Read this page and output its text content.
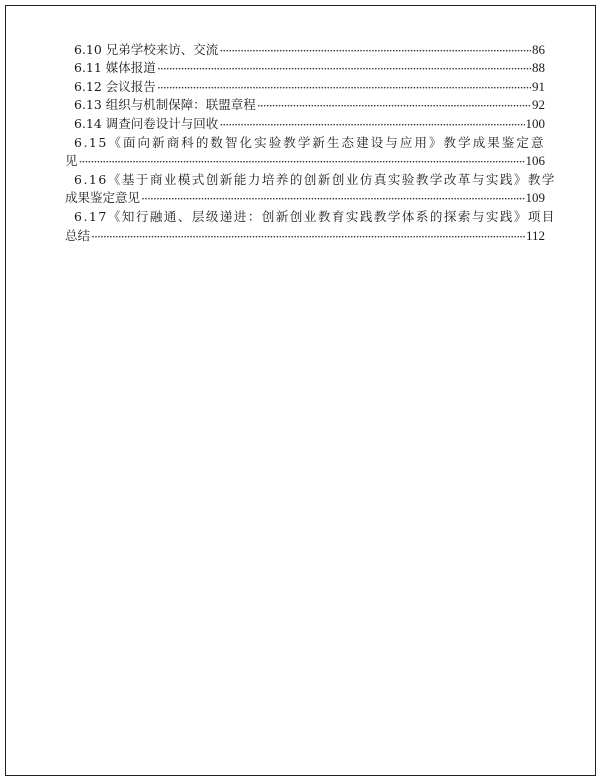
6.10 兄弟学校来访、交流 ·····	86
6.11 媒体报道 ·····	88
6.12 会议报告 ·····	91
6.13 组织与机制保障：联盟章程 ·····	92
6.14 调查问卷设计与回收 ·····	100
6.15《面向新商科的数智化实验教学新生态建设与应用》教学成果鉴定意
见 ·····	106
6.16《基于商业模式创新能力培养的创新创业仿真实验教学改革与实践》教学
成果鉴定意见 ·····	109
6.17《知行融通、层级递进：创新创业教育实践教学体系的探索与实践》项目
总结 ·····	112
